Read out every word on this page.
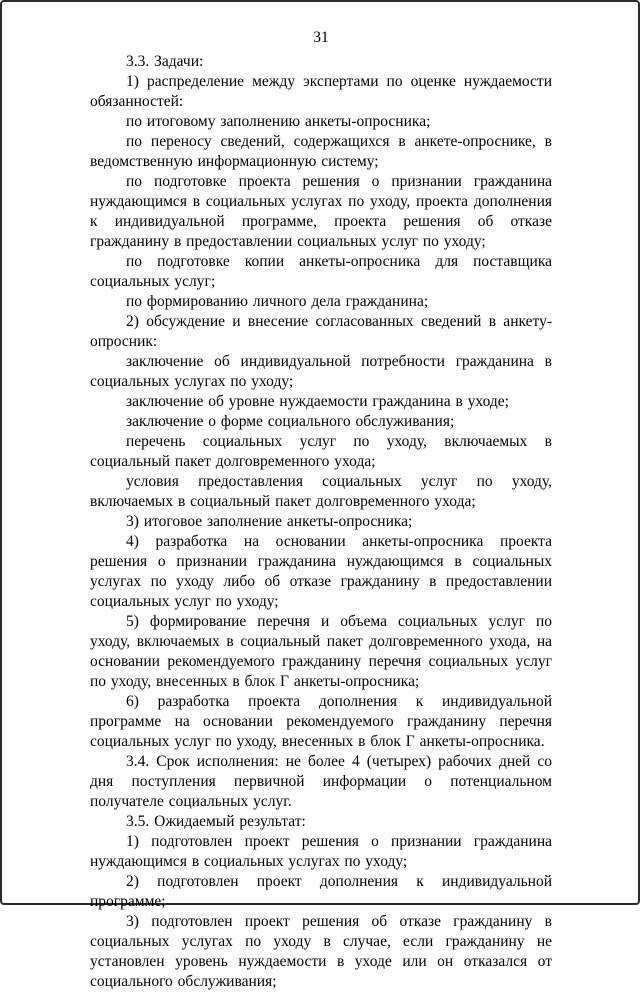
31

3.3. Задачи:

1) распределение между экспертами по оценке нуждаемости обязанностей:

по итоговому заполнению анкеты-опросника;

по переносу сведений, содержащихся в анкете-опроснике, в ведомственную информационную систему;

по подготовке проекта решения о признании гражданина нуждающимся в социальных услугах по уходу, проекта дополнения к индивидуальной программе, проекта решения об отказе гражданину в предоставлении социальных услуг по уходу;

по подготовке копии анкеты-опросника для поставщика социальных услуг;

по формированию личного дела гражданина;

2) обсуждение и внесение согласованных сведений в анкету-опросник:

заключение об индивидуальной потребности гражданина в социальных услугах по уходу;

заключение об уровне нуждаемости гражданина в уходе;

заключение о форме социального обслуживания;

перечень социальных услуг по уходу, включаемых в социальный пакет долговременного ухода;

условия предоставления социальных услуг по уходу, включаемых в социальный пакет долговременного ухода;

3) итоговое заполнение анкеты-опросника;

4) разработка на основании анкеты-опросника проекта решения о признании гражданина нуждающимся в социальных услугах по уходу либо об отказе гражданину в предоставлении социальных услуг по уходу;

5) формирование перечня и объема социальных услуг по уходу, включаемых в социальный пакет долговременного ухода, на основании рекомендуемого гражданину перечня социальных услуг по уходу, внесенных в блок Г анкеты-опросника;

6) разработка проекта дополнения к индивидуальной программе на основании рекомендуемого гражданину перечня социальных услуг по уходу, внесенных в блок Г анкеты-опросника.

3.4. Срок исполнения: не более 4 (четырех) рабочих дней со дня поступления первичной информации о потенциальном получателе социальных услуг.

3.5. Ожидаемый результат:

1) подготовлен проект решения о признании гражданина нуждающимся в социальных услугах по уходу;

2) подготовлен проект дополнения к индивидуальной программе;

3) подготовлен проект решения об отказе гражданину в социальных услугах по уходу в случае, если гражданину не установлен уровень нуждаемости в уходе или он отказался от социального обслуживания;
